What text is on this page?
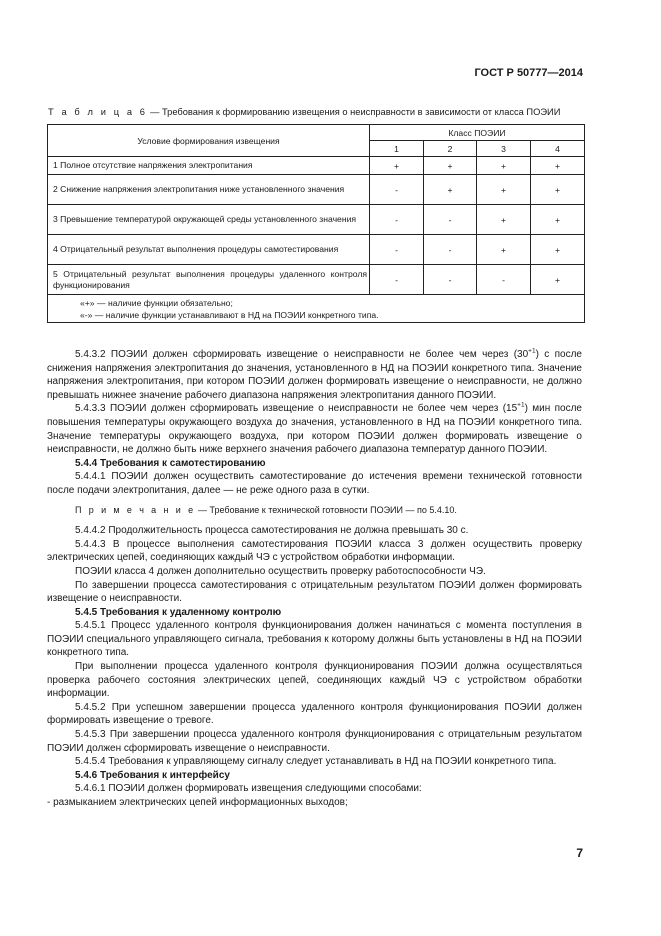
ГОСТ Р 50777—2014
Т а б л и ц а 6 — Требования к формированию извещения о неисправности в зависимости от класса ПОЭИИ
Условие формирования извещения	Класс ПОЭИИ			
	1	2	3	4
1 Полное отсутствие напряжения электропитания	+	+	+	+
2 Снижение напряжения электропитания ниже установленного значения	-	+	+	+
3 Превышение температурой окружающей среды установленного значения	-	-	+	+
4 Отрицательный результат выполнения процедуры самотестирования	-	-	+	+
5 Отрицательный результат выполнения процедуры удаленного контроля функционирования	-	-	-	+

«+» — наличие функции обязательно;
«-» — наличие функции устанавливают в НД на ПОЭИИ конкретного типа.				

5.4.3.2 ПОЭИИ должен сформировать извещение о неисправности не более чем через $(30^{+1})$ с после снижения напряжения электропитания до значения, установленного в НД на ПОЭИИ конкретного типа. Значение напряжения электропитания, при котором ПОЭИИ должен формировать извещение о неисправности, не должно превышать нижнее значение рабочего диапазона напряжения электропитания данного ПОЭИИ.

5.4.3.3 ПОЭИИ должен сформировать извещение о неисправности не более чем через $(15^{+1})$ мин после повышения температуры окружающего воздуха до значения, установленного в НД на ПОЭИИ конкретного типа. Значение температуры окружающего воздуха, при котором ПОЭИИ должен формировать извещение о неисправности, не должно быть ниже верхнего значения рабочего диапазона температур данного ПОЭИИ.

5.4.4 Требования к самотестированию

5.4.4.1 ПОЭИИ должен осуществить самотестирование до истечения времени технической готовности после подачи электропитания, далее — не реже одного раза в сутки.

П р и м е ч а н и е — Требование к технической готовности ПОЭИИ — по 5.4.10.

5.4.4.2 Продолжительность процесса самотестирования не должна превышать 30 с.

5.4.4.3 В процессе выполнения самотестирования ПОЭИИ класса 3 должен осуществить проверку электрических цепей, соединяющих каждый ЧЭ с устройством обработки информации.

ПОЭИИ класса 4 должен дополнительно осуществить проверку работоспособности ЧЭ.

По завершении процесса самотестирования с отрицательным результатом ПОЭИИ должен формировать извещение о неисправности.

5.4.5 Требования к удаленному контролю

5.4.5.1 Процесс удаленного контроля функционирования должен начинаться с момента поступления в ПОЭИИ специального управляющего сигнала, требования к которому должны быть установлены в НД на ПОЭИИ конкретного типа.

При выполнении процесса удаленного контроля функционирования ПОЭИИ должна осуществляться проверка рабочего состояния электрических цепей, соединяющих каждый ЧЭ с устройством обработки информации.

5.4.5.2 При успешном завершении процесса удаленного контроля функционирования ПОЭИИ должен формировать извещение о тревоге.

5.4.5.3 При завершении процесса удаленного контроля функционирования с отрицательным результатом ПОЭИИ должен сформировать извещение о неисправности.

5.4.5.4 Требования к управляющему сигналу следует устанавливать в НД на ПОЭИИ конкретного типа.

5.4.6 Требования к интерфейсу

5.4.6.1 ПОЭИИ должен формировать извещения следующими способами:

- размыканием электрических цепей информационных выходов;

7
